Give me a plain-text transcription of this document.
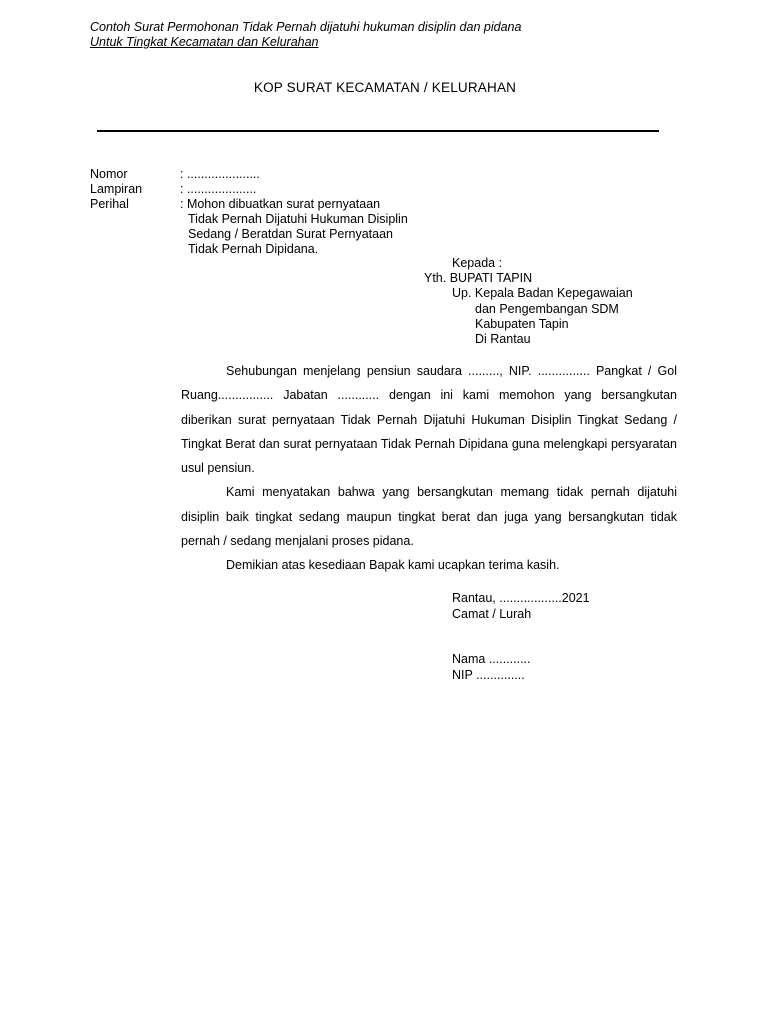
Contoh Surat Permohonan Tidak Pernah dijatuhi hukuman disiplin dan pidana
Untuk Tingkat Kecamatan dan Kelurahan
KOP SURAT KECAMATAN / KELURAHAN
Nomor	: .....................
Lampiran	: ....................
Perihal	: Mohon dibuatkan surat pernyataan
Tidak Pernah Dijatuhi Hukuman Disiplin
Sedang / Beratdan Surat Pernyataan
Tidak Pernah Dipidana.
Kepada :
Yth. BUPATI TAPIN
Up. Kepala Badan Kepegawaian
dan Pengembangan SDM
Kabupaten Tapin
Di Rantau

Sehubungan menjelang pensiun saudara ........., NIP. ............... Pangkat / Gol Ruang................ Jabatan ............ dengan ini kami memohon yang bersangkutan diberikan surat pernyataan Tidak Pernah Dijatuhi Hukuman Disiplin Tingkat Sedang / Tingkat Berat dan surat pernyataan Tidak Pernah Dipidana guna melengkapi persyaratan usul pensiun.

Kami menyatakan bahwa yang bersangkutan memang tidak pernah dijatuhi disiplin baik tingkat sedang maupun tingkat berat dan juga yang bersangkutan tidak pernah / sedang menjalani proses pidana.

Demikian atas kesediaan Bapak kami ucapkan terima kasih.

Rantau, ..................2021
Camat / Lurah
Nama ............
NIP ..............
